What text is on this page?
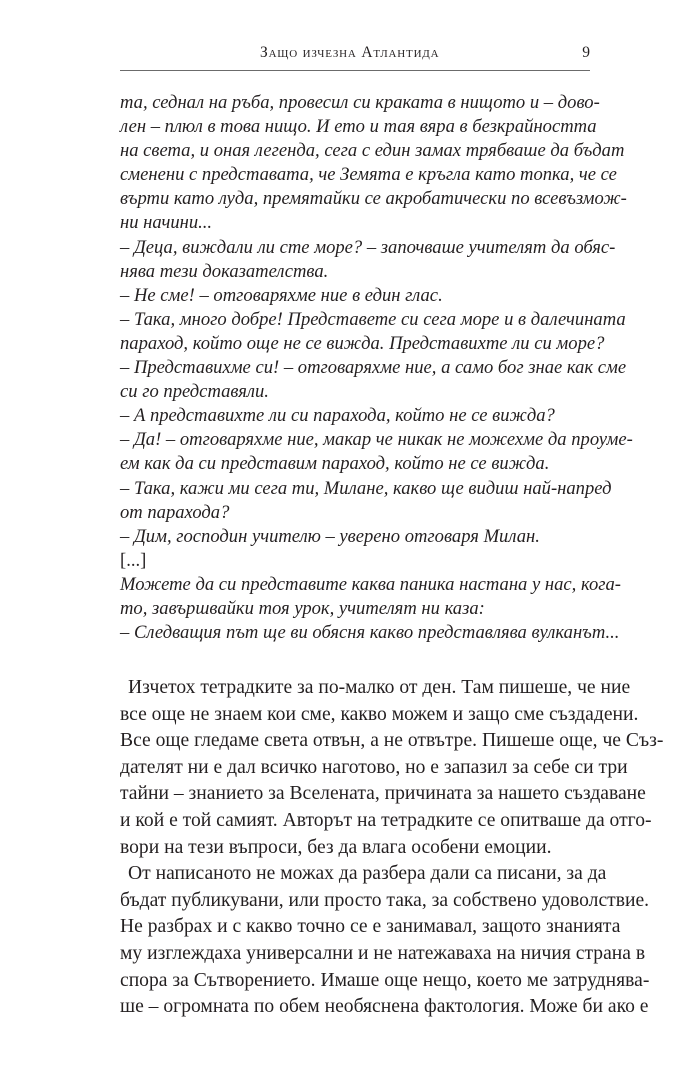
Защо изчезна Атлантида	9
та, седнал на ръба, провесил си краката в нищото и – дово-
лен – плюл в това нищо. И ето и тая вяра в безкрайността
на света, и оная легенда, сега с един замах трябваше да бъдат
сменени с представата, че Земята е кръгла като топка, че се
върти като луда, премятайки се акробатически по всевъзмож-
ни начини...
– Деца, виждали ли сте море? – започваше учителят да обяс-
нява тези доказателства.
– Не сме! – отговаряхме ние в един глас.
– Така, много добре! Представете си сега море и в далечината
параход, който още не се вижда. Представихте ли си море?
– Представихме си! – отговаряхме ние, а само бог знае как сме
си го представяли.
– А представихте ли си парахода, който не се вижда?
– Да! – отговаряхме ние, макар че никак не можехме да проуме-
ем как да си представим параход, който не се вижда.
– Така, кажи ми сега ти, Милане, какво ще видиш най-напред
от парахода?
– Дим, господин учителю – уверено отговаря Милан.
[...]
Можете да си представите каква паника настана у нас, кога-
то, завършвайки тоя урок, учителят ни каза:
– Следващия път ще ви обясня какво представлява вулканът...
Изчетох тетрадките за по-малко от ден. Там пишеше, че ние
все още не знаем кои сме, какво можем и защо сме създадени.
Все още гледаме света отвън, а не отвътре. Пишеше още, че Съз-
дателят ни е дал всичко наготово, но е запазил за себе си три
тайни – знанието за Вселената, причината за нашето създаване
и кой е той самият. Авторът на тетрадките се опитваше да отго-
вори на тези въпроси, без да влага особени емоции.
От написаното не можах да разбера дали са писани, за да
бъдат публикувани, или просто така, за собствено удоволствие.
Не разбрах и с какво точно се е занимавал, защото знанията
му изглеждаха универсални и не натежаваха на ничия страна в
спора за Сътворението. Имаше още нещо, което ме затруднява-
ше – огромната по обем необяснена фактология. Може би ако е
